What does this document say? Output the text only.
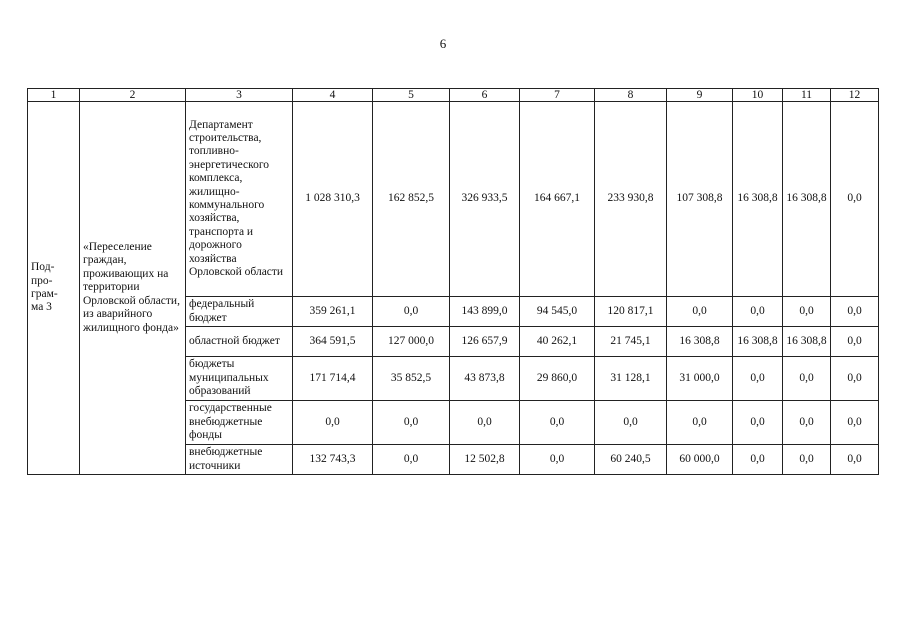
6
1	2	3	4	5	6	7	8	9	10	11	12

Под-
про-
грам-
ма 3	«Переселение граждан, проживающих на территории Орловской области, из аварийного жилищного фонда»	Департамент строительства, топливно-энергетического комплекса, жилищно-коммунального хозяйства, транспорта и дорожного хозяйства Орловской области	1 028 310,3	162 852,5	326 933,5	164 667,1	233 930,8	107 308,8	16 308,8	16 308,8	0,0
		федеральный бюджет	359 261,1	0,0	143 899,0	94 545,0	120 817,1	0,0	0,0	0,0	0,0
		областной бюджет	364 591,5	127 000,0	126 657,9	40 262,1	21 745,1	16 308,8	16 308,8	16 308,8	0,0
		бюджеты муниципальных образований	171 714,4	35 852,5	43 873,8	29 860,0	31 128,1	31 000,0	0,0	0,0	0,0
		государственные внебюджетные фонды	0,0	0,0	0,0	0,0	0,0	0,0	0,0	0,0	0,0
		внебюджетные источники	132 743,3	0,0	12 502,8	0,0	60 240,5	60 000,0	0,0	0,0	0,0
